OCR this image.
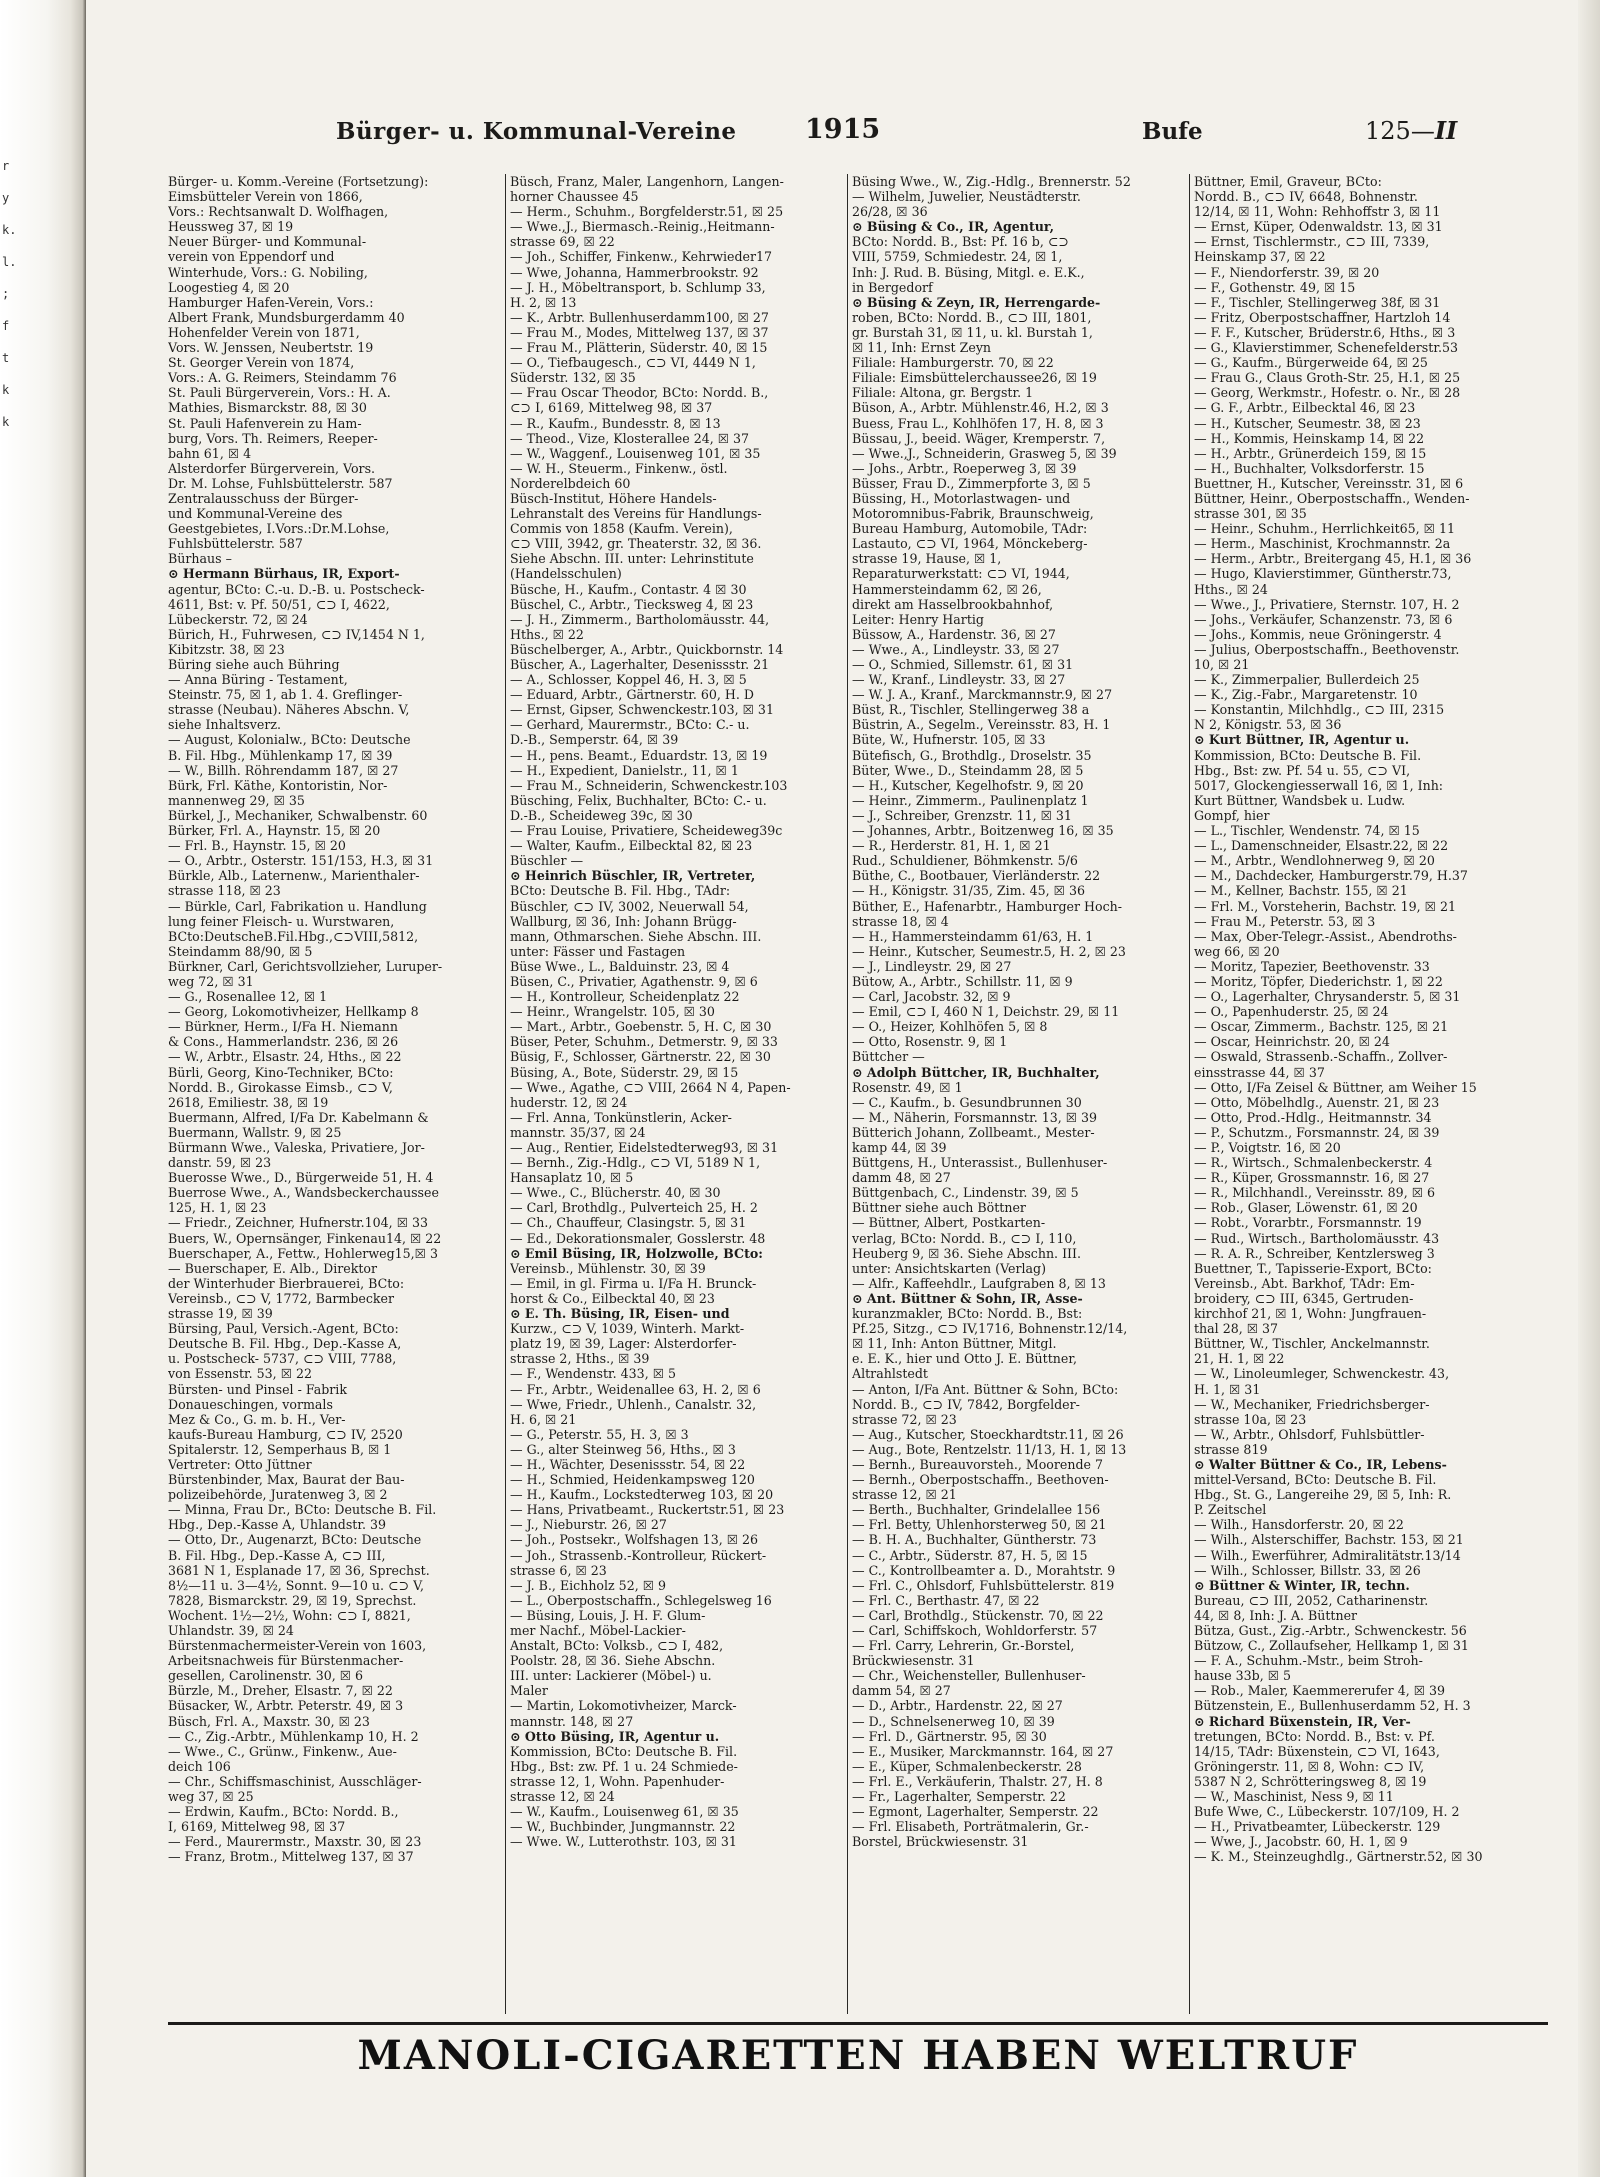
r
y
k.
l.
;
f
t
k
k
Bürger- u. Kommunal-Vereine	1915	Bufe	125—II
Bürger- u. Komm.-Vereine (Fortsetzung):
Eimsbütteler Verein von 1866,
Vors.: Rechtsanwalt D. Wolfhagen,
Heussweg 37, ☒ 19
Neuer Bürger- und Kommunal-
verein von Eppendorf und
Winterhude, Vors.: G. Nobiling,
Loogestieg 4, ☒ 20
Hamburger Hafen-Verein, Vors.:
Albert Frank, Mundsburgerdamm 40
Hohenfelder Verein von 1871,
Vors. W. Jenssen, Neubertstr. 19
St. Georger Verein von 1874,
Vors.: A. G. Reimers, Steindamm 76
St. Pauli Bürgerverein, Vors.: H. A.
Mathies, Bismarckstr. 88, ☒ 30
St. Pauli Hafenverein zu Ham-
burg, Vors. Th. Reimers, Reeper-
bahn 61, ☒ 4
Alsterdorfer Bürgerverein, Vors.
Dr. M. Lohse, Fuhlsbüttelerstr. 587
Zentralausschuss der Bürger-
und Kommunal-Vereine des
Geestgebietes, I.Vors.:Dr.M.Lohse,
Fuhlsbüttelerstr. 587
Bürhaus –
⊙ Hermann Bürhaus, IR, Export-
agentur, BCto: C.-u. D.-B. u. Postscheck-
4611, Bst: v. Pf. 50/51, ⊂⊃ I, 4622,
Lübeckerstr. 72, ☒ 24
Bürich, H., Fuhrwesen, ⊂⊃ IV,1454 N 1,
Kibitzstr. 38, ☒ 23
Büring siehe auch Bühring
— Anna Büring - Testament,
Steinstr. 75, ☒ 1, ab 1. 4. Greflinger-
strasse (Neubau). Näheres Abschn. V,
siehe Inhaltsverz.
— August, Kolonialw., BCto: Deutsche
B. Fil. Hbg., Mühlenkamp 17, ☒ 39
— W., Billh. Röhrendamm 187, ☒ 27
Bürk, Frl. Käthe, Kontoristin, Nor-
mannenweg 29, ☒ 35
Bürkel, J., Mechaniker, Schwalbenstr. 60
Bürker, Frl. A., Haynstr. 15, ☒ 20
— Frl. B., Haynstr. 15, ☒ 20
— O., Arbtr., Osterstr. 151/153, H.3, ☒ 31
Bürkle, Alb., Laternenw., Marienthaler-
strasse 118, ☒ 23
— Bürkle, Carl, Fabrikation u. Handlung
lung feiner Fleisch- u. Wurstwaren,
BCto:DeutscheB.Fil.Hbg.,⊂⊃VIII,5812,
Steindamm 88/90, ☒ 5
Bürkner, Carl, Gerichtsvollzieher, Luruper-
weg 72, ☒ 31
— G., Rosenallee 12, ☒ 1
— Georg, Lokomotivheizer, Hellkamp 8
— Bürkner, Herm., I/Fa H. Niemann
& Cons., Hammerlandstr. 236, ☒ 26
— W., Arbtr., Elsastr. 24, Hths., ☒ 22
Bürli, Georg, Kino-Techniker, BCto:
Nordd. B., Girokasse Eimsb., ⊂⊃ V,
2618, Emiliestr. 38, ☒ 19
Buermann, Alfred, I/Fa Dr. Kabelmann &
Buermann, Wallstr. 9, ☒ 25
Bürmann Wwe., Valeska, Privatiere, Jor-
danstr. 59, ☒ 23
Buerosse Wwe., D., Bürgerweide 51, H. 4
Buerrose Wwe., A., Wandsbeckerchaussee
125, H. 1, ☒ 23
— Friedr., Zeichner, Hufnerstr.104, ☒ 33
Buers, W., Opernsänger, Finkenau14, ☒ 22
Buerschaper, A., Fettw., Hohlerweg15,☒ 3
— Buerschaper, E. Alb., Direktor
der Winterhuder Bierbrauerei, BCto:
Vereinsb., ⊂⊃ V, 1772, Barmbecker
strasse 19, ☒ 39
Bürsing, Paul, Versich.-Agent, BCto:
Deutsche B. Fil. Hbg., Dep.-Kasse A,
u. Postscheck- 5737, ⊂⊃ VIII, 7788,
von Essenstr. 53, ☒ 22
Bürsten- und Pinsel - Fabrik
Donaueschingen, vormals
Mez & Co., G. m. b. H., Ver-
kaufs-Bureau Hamburg, ⊂⊃ IV, 2520
Spitalerstr. 12, Semperhaus B, ☒ 1
Vertreter: Otto Jüttner
Bürstenbinder, Max, Baurat der Bau-
polizeibehörde, Juratenweg 3, ☒ 2
— Minna, Frau Dr., BCto: Deutsche B. Fil.
Hbg., Dep.-Kasse A, Uhlandstr. 39
— Otto, Dr., Augenarzt, BCto: Deutsche
B. Fil. Hbg., Dep.-Kasse A, ⊂⊃ III,
3681 N 1, Esplanade 17, ☒ 36, Sprechst.
8½—11 u. 3—4½, Sonnt. 9—10 u. ⊂⊃ V,
7828, Bismarckstr. 29, ☒ 19, Sprechst.
Wochent. 1½—2½, Wohn: ⊂⊃ I, 8821,
Uhlandstr. 39, ☒ 24
Bürstenmachermeister-Verein von 1603,
Arbeitsnachweis für Bürstenmacher-
gesellen, Carolinenstr. 30, ☒ 6
Bürzle, M., Dreher, Elsastr. 7, ☒ 22
Büsacker, W., Arbtr. Peterstr. 49, ☒ 3
Büsch, Frl. A., Maxstr. 30, ☒ 23
— C., Zig.-Arbtr., Mühlenkamp 10, H. 2
— Wwe., C., Grünw., Finkenw., Aue-
deich 106
— Chr., Schiffsmaschinist, Ausschläger-
weg 37, ☒ 25
— Erdwin, Kaufm., BCto: Nordd. B.,
I, 6169, Mittelweg 98, ☒ 37
— Ferd., Maurermstr., Maxstr. 30, ☒ 23
— Franz, Brotm., Mittelweg 137, ☒ 37
Büsch, Franz, Maler, Langenhorn, Langen-
horner Chaussee 45
— Herm., Schuhm., Borgfelderstr.51, ☒ 25
— Wwe.,J., Biermasch.-Reinig.,Heitmann-
strasse 69, ☒ 22
— Joh., Schiffer, Finkenw., Kehrwieder17
— Wwe, Johanna, Hammerbrookstr. 92
— J. H., Möbeltransport, b. Schlump 33,
H. 2, ☒ 13
— K., Arbtr. Bullenhuserdamm100, ☒ 27
— Frau M., Modes, Mittelweg 137, ☒ 37
— Frau M., Plätterin, Süderstr. 40, ☒ 15
— O., Tiefbaugesch., ⊂⊃ VI, 4449 N 1,
Süderstr. 132, ☒ 35
— Frau Oscar Theodor, BCto: Nordd. B.,
⊂⊃ I, 6169, Mittelweg 98, ☒ 37
— R., Kaufm., Bundesstr. 8, ☒ 13
— Theod., Vize, Klosterallee 24, ☒ 37
— W., Waggenf., Louisenweg 101, ☒ 35
— W. H., Steuerm., Finkenw., östl.
Norderelbdeich 60
Büsch-Institut, Höhere Handels-
Lehranstalt des Vereins für Handlungs-
Commis von 1858 (Kaufm. Verein),
⊂⊃ VIII, 3942, gr. Theaterstr. 32, ☒ 36.
Siehe Abschn. III. unter: Lehrinstitute
(Handelsschulen)
Büsche, H., Kaufm., Contastr. 4 ☒ 30
Büschel, C., Arbtr., Tiecksweg 4, ☒ 23
— J. H., Zimmerm., Bartholomäusstr. 44,
Hths., ☒ 22
Büschelberger, A., Arbtr., Quickbornstr. 14
Büscher, A., Lagerhalter, Desenissstr. 21
— A., Schlosser, Koppel 46, H. 3, ☒ 5
— Eduard, Arbtr., Gärtnerstr. 60, H. D
— Ernst, Gipser, Schwenckestr.103, ☒ 31
— Gerhard, Maurermstr., BCto: C.- u.
D.-B., Semperstr. 64, ☒ 39
— H., pens. Beamt., Eduardstr. 13, ☒ 19
— H., Expedient, Danielstr., 11, ☒ 1
— Frau M., Schneiderin, Schwenckestr.103
Büsching, Felix, Buchhalter, BCto: C.- u.
D.-B., Scheideweg 39c, ☒ 30
— Frau Louise, Privatiere, Scheideweg39c
— Walter, Kaufm., Eilbecktal 82, ☒ 23
Büschler —
⊙ Heinrich Büschler, IR, Vertreter,
BCto: Deutsche B. Fil. Hbg., TAdr:
Büschler, ⊂⊃ IV, 3002, Neuerwall 54,
Wallburg, ☒ 36, Inh: Johann Brügg-
mann, Othmarschen. Siehe Abschn. III.
unter: Fässer und Fastagen
Büse Wwe., L., Balduinstr. 23, ☒ 4
Büsen, C., Privatier, Agathenstr. 9, ☒ 6
— H., Kontrolleur, Scheidenplatz 22
— Heinr., Wrangelstr. 105, ☒ 30
— Mart., Arbtr., Goebenstr. 5, H. C, ☒ 30
Büser, Peter, Schuhm., Detmerstr. 9, ☒ 33
Büsig, F., Schlosser, Gärtnerstr. 22, ☒ 30
Büsing, A., Bote, Süderstr. 29, ☒ 15
— Wwe., Agathe, ⊂⊃ VIII, 2664 N 4, Papen-
huderstr. 12, ☒ 24
— Frl. Anna, Tonkünstlerin, Acker-
mannstr. 35/37, ☒ 24
— Aug., Rentier, Eidelstedterweg93, ☒ 31
— Bernh., Zig.-Hdlg., ⊂⊃ VI, 5189 N 1,
Hansaplatz 10, ☒ 5
— Wwe., C., Blücherstr. 40, ☒ 30
— Carl, Brothdlg., Pulverteich 25, H. 2
— Ch., Chauffeur, Clasingstr. 5, ☒ 31
— Ed., Dekorationsmaler, Gosslerstr. 48
⊙ Emil Büsing, IR, Holzwolle, BCto:
Vereinsb., Mühlenstr. 30, ☒ 39
— Emil, in gl. Firma u. I/Fa H. Brunck-
horst & Co., Eilbecktal 40, ☒ 23
⊙ E. Th. Büsing, IR, Eisen- und
Kurzw., ⊂⊃ V, 1039, Winterh. Markt-
platz 19, ☒ 39, Lager: Alsterdorfer-
strasse 2, Hths., ☒ 39
— F., Wendenstr. 433, ☒ 5
— Fr., Arbtr., Weidenallee 63, H. 2, ☒ 6
— Wwe, Friedr., Uhlenh., Canalstr. 32,
H. 6, ☒ 21
— G., Peterstr. 55, H. 3, ☒ 3
— G., alter Steinweg 56, Hths., ☒ 3
— H., Wächter, Desenissstr. 54, ☒ 22
— H., Schmied, Heidenkampsweg 120
— H., Kaufm., Lockstedterweg 103, ☒ 20
— Hans, Privatbeamt., Ruckertstr.51, ☒ 23
— J., Nieburstr. 26, ☒ 27
— Joh., Postsekr., Wolfshagen 13, ☒ 26
— Joh., Strassenb.-Kontrolleur, Rückert-
strasse 6, ☒ 23
— J. B., Eichholz 52, ☒ 9
— L., Oberpostschaffn., Schlegelsweg 16
— Büsing, Louis, J. H. F. Glum-
mer Nachf., Möbel-Lackier-
Anstalt, BCto: Volksb., ⊂⊃ I, 482,
Poolstr. 28, ☒ 36. Siehe Abschn.
III. unter: Lackierer (Möbel-) u.
Maler
— Martin, Lokomotivheizer, Marck-
mannstr. 148, ☒ 27
⊙ Otto Büsing, IR, Agentur u.
Kommission, BCto: Deutsche B. Fil.
Hbg., Bst: zw. Pf. 1 u. 24 Schmiede-
strasse 12, 1, Wohn. Papenhuder-
strasse 12, ☒ 24
— W., Kaufm., Louisenweg 61, ☒ 35
— W., Buchbinder, Jungmannstr. 22
— Wwe. W., Lutterothstr. 103, ☒ 31
Büsing Wwe., W., Zig.-Hdlg., Brennerstr. 52
— Wilhelm, Juwelier, Neustädterstr.
26/28, ☒ 36
⊙ Büsing & Co., IR, Agentur,
BCto: Nordd. B., Bst: Pf. 16 b, ⊂⊃
VIII, 5759, Schmiedestr. 24, ☒ 1,
Inh: J. Rud. B. Büsing, Mitgl. e. E.K.,
in Bergedorf
⊙ Büsing & Zeyn, IR, Herrengarde-
roben, BCto: Nordd. B., ⊂⊃ III, 1801,
gr. Burstah 31, ☒ 11, u. kl. Burstah 1,
☒ 11, Inh: Ernst Zeyn
Filiale: Hamburgerstr. 70, ☒ 22
Filiale: Eimsbüttelerchaussee26, ☒ 19
Filiale: Altona, gr. Bergstr. 1
Büson, A., Arbtr. Mühlenstr.46, H.2, ☒ 3
Buess, Frau L., Kohlhöfen 17, H. 8, ☒ 3
Büssau, J., beeid. Wäger, Kremperstr. 7,
— Wwe.,J., Schneiderin, Grasweg 5, ☒ 39
— Johs., Arbtr., Roeperweg 3, ☒ 39
Büsser, Frau D., Zimmerpforte 3, ☒ 5
Büssing, H., Motorlastwagen- und
Motoromnibus-Fabrik, Braunschweig,
Bureau Hamburg, Automobile, TAdr:
Lastauto, ⊂⊃ VI, 1964, Mönckeberg-
strasse 19, Hause, ☒ 1,
Reparaturwerkstatt: ⊂⊃ VI, 1944,
Hammersteindamm 62, ☒ 26,
direkt am Hasselbrookbahnhof,
Leiter: Henry Hartig
Büssow, A., Hardenstr. 36, ☒ 27
— Wwe., A., Lindleystr. 33, ☒ 27
— O., Schmied, Sillemstr. 61, ☒ 31
— W., Kranf., Lindleystr. 33, ☒ 27
— W. J. A., Kranf., Marckmannstr.9, ☒ 27
Büst, R., Tischler, Stellingerweg 38 a
Büstrin, A., Segelm., Vereinsstr. 83, H. 1
Büte, W., Hufnerstr. 105, ☒ 33
Bütefisch, G., Brothdlg., Droselstr. 35
Büter, Wwe., D., Steindamm 28, ☒ 5
— H., Kutscher, Kegelhofstr. 9, ☒ 20
— Heinr., Zimmerm., Paulinenplatz 1
— J., Schreiber, Grenzstr. 11, ☒ 31
— Johannes, Arbtr., Boitzenweg 16, ☒ 35
— R., Herderstr. 81, H. 1, ☒ 21
Rud., Schuldiener, Böhmkenstr. 5/6
Büthe, C., Bootbauer, Vierländerstr. 22
— H., Königstr. 31/35, Zim. 45, ☒ 36
Büther, E., Hafenarbtr., Hamburger Hoch-
strasse 18, ☒ 4
— H., Hammersteindamm 61/63, H. 1
— Heinr., Kutscher, Seumestr.5, H. 2, ☒ 23
— J., Lindleystr. 29, ☒ 27
Bütow, A., Arbtr., Schillstr. 11, ☒ 9
— Carl, Jacobstr. 32, ☒ 9
— Emil, ⊂⊃ I, 460 N 1, Deichstr. 29, ☒ 11
— O., Heizer, Kohlhöfen 5, ☒ 8
— Otto, Rosenstr. 9, ☒ 1
Büttcher —
⊙ Adolph Büttcher, IR, Buchhalter,
Rosenstr. 49, ☒ 1
— C., Kaufm., b. Gesundbrunnen 30
— M., Näherin, Forsmannstr. 13, ☒ 39
Bütterich Johann, Zollbeamt., Mester-
kamp 44, ☒ 39
Büttgens, H., Unterassist., Bullenhuser-
damm 48, ☒ 27
Büttgenbach, C., Lindenstr. 39, ☒ 5
Büttner siehe auch Böttner
— Büttner, Albert, Postkarten-
verlag, BCto: Nordd. B., ⊂⊃ I, 110,
Heuberg 9, ☒ 36. Siehe Abschn. III.
unter: Ansichtskarten (Verlag)
— Alfr., Kaffeehdlr., Laufgraben 8, ☒ 13
⊙ Ant. Büttner & Sohn, IR, Asse-
kuranzmakler, BCto: Nordd. B., Bst:
Pf.25, Sitzg., ⊂⊃ IV,1716, Bohnenstr.12/14,
☒ 11, Inh: Anton Büttner, Mitgl.
e. E. K., hier und Otto J. E. Büttner,
Altrahlstedt
— Anton, I/Fa Ant. Büttner & Sohn, BCto:
Nordd. B., ⊂⊃ IV, 7842, Borgfelder-
strasse 72, ☒ 23
— Aug., Kutscher, Stoeckhardtstr.11, ☒ 26
— Aug., Bote, Rentzelstr. 11/13, H. 1, ☒ 13
— Bernh., Bureauvorsteh., Moorende 7
— Bernh., Oberpostschaffn., Beethoven-
strasse 12, ☒ 21
— Berth., Buchhalter, Grindelallee 156
— Frl. Betty, Uhlenhorsterweg 50, ☒ 21
— B. H. A., Buchhalter, Güntherstr. 73
— C., Arbtr., Süderstr. 87, H. 5, ☒ 15
— C., Kontrollbeamter a. D., Morahtstr. 9
— Frl. C., Ohlsdorf, Fuhlsbüttelerstr. 819
— Frl. C., Berthastr. 47, ☒ 22
— Carl, Brothdlg., Stückenstr. 70, ☒ 22
— Carl, Schiffskoch, Wohldorferstr. 57
— Frl. Carry, Lehrerin, Gr.-Borstel,
Brückwiesenstr. 31
— Chr., Weichensteller, Bullenhuser-
damm 54, ☒ 27
— D., Arbtr., Hardenstr. 22, ☒ 27
— D., Schnelsenerweg 10, ☒ 39
— Frl. D., Gärtnerstr. 95, ☒ 30
— E., Musiker, Marckmannstr. 164, ☒ 27
— E., Küper, Schmalenbeckerstr. 28
— Frl. E., Verkäuferin, Thalstr. 27, H. 8
— Fr., Lagerhalter, Semperstr. 22
— Egmont, Lagerhalter, Semperstr. 22
— Frl. Elisabeth, Porträtmalerin, Gr.-
Borstel, Brückwiesenstr. 31
Büttner, Emil, Graveur, BCto:
Nordd. B., ⊂⊃ IV, 6648, Bohnenstr.
12/14, ☒ 11, Wohn: Rehhoffstr 3, ☒ 11
— Ernst, Küper, Odenwaldstr. 13, ☒ 31
— Ernst, Tischlermstr., ⊂⊃ III, 7339,
Heinskamp 37, ☒ 22
— F., Niendorferstr. 39, ☒ 20
— F., Gothenstr. 49, ☒ 15
— F., Tischler, Stellingerweg 38f, ☒ 31
— Fritz, Oberpostschaffner, Hartzloh 14
— F. F., Kutscher, Brüderstr.6, Hths., ☒ 3
— G., Klavierstimmer, Schenefelderstr.53
— G., Kaufm., Bürgerweide 64, ☒ 25
— Frau G., Claus Groth-Str. 25, H.1, ☒ 25
— Georg, Werkmstr., Hofestr. o. Nr., ☒ 28
— G. F., Arbtr., Eilbecktal 46, ☒ 23
— H., Kutscher, Seumestr. 38, ☒ 23
— H., Kommis, Heinskamp 14, ☒ 22
— H., Arbtr., Grünerdeich 159, ☒ 15
— H., Buchhalter, Volksdorferstr. 15
Buettner, H., Kutscher, Vereinsstr. 31, ☒ 6
Büttner, Heinr., Oberpostschaffn., Wenden-
strasse 301, ☒ 35
— Heinr., Schuhm., Herrlichkeit65, ☒ 11
— Herm., Maschinist, Krochmannstr. 2a
— Herm., Arbtr., Breitergang 45, H.1, ☒ 36
— Hugo, Klavierstimmer, Güntherstr.73,
Hths., ☒ 24
— Wwe., J., Privatiere, Sternstr. 107, H. 2
— Johs., Verkäufer, Schanzenstr. 73, ☒ 6
— Johs., Kommis, neue Gröningerstr. 4
— Julius, Oberpostschaffn., Beethovenstr.
10, ☒ 21
— K., Zimmerpalier, Bullerdeich 25
— K., Zig.-Fabr., Margaretenstr. 10
— Konstantin, Milchhdlg., ⊂⊃ III, 2315
N 2, Königstr. 53, ☒ 36
⊙ Kurt Büttner, IR, Agentur u.
Kommission, BCto: Deutsche B. Fil.
Hbg., Bst: zw. Pf. 54 u. 55, ⊂⊃ VI,
5017, Glockengiesserwall 16, ☒ 1, Inh:
Kurt Büttner, Wandsbek u. Ludw.
Gompf, hier
— L., Tischler, Wendenstr. 74, ☒ 15
— L., Damenschneider, Elsastr.22, ☒ 22
— M., Arbtr., Wendlohnerweg 9, ☒ 20
— M., Dachdecker, Hamburgerstr.79, H.37
— M., Kellner, Bachstr. 155, ☒ 21
— Frl. M., Vorsteherin, Bachstr. 19, ☒ 21
— Frau M., Peterstr. 53, ☒ 3
— Max, Ober-Telegr.-Assist., Abendroths-
weg 66, ☒ 20
— Moritz, Tapezier, Beethovenstr. 33
— Moritz, Töpfer, Diederichstr. 1, ☒ 22
— O., Lagerhalter, Chrysanderstr. 5, ☒ 31
— O., Papenhuderstr. 25, ☒ 24
— Oscar, Zimmerm., Bachstr. 125, ☒ 21
— Oscar, Heinrichstr. 20, ☒ 24
— Oswald, Strassenb.-Schaffn., Zollver-
einsstrasse 44, ☒ 37
— Otto, I/Fa Zeisel & Büttner, am Weiher 15
— Otto, Möbelhdlg., Auenstr. 21, ☒ 23
— Otto, Prod.-Hdlg., Heitmannstr. 34
— P., Schutzm., Forsmannstr. 24, ☒ 39
— P., Voigtstr. 16, ☒ 20
— R., Wirtsch., Schmalenbeckerstr. 4
— R., Küper, Grossmannstr. 16, ☒ 27
— R., Milchhandl., Vereinsstr. 89, ☒ 6
— Rob., Glaser, Löwenstr. 61, ☒ 20
— Robt., Vorarbtr., Forsmannstr. 19
— Rud., Wirtsch., Bartholomäusstr. 43
— R. A. R., Schreiber, Kentzlersweg 3
Buettner, T., Tapisserie-Export, BCto:
Vereinsb., Abt. Barkhof, TAdr: Em-
broidery, ⊂⊃ III, 6345, Gertruden-
kirchhof 21, ☒ 1, Wohn: Jungfrauen-
thal 28, ☒ 37
Büttner, W., Tischler, Anckelmannstr.
21, H. 1, ☒ 22
— W., Linoleumleger, Schwenckestr. 43,
H. 1, ☒ 31
— W., Mechaniker, Friedrichsberger-
strasse 10a, ☒ 23
— W., Arbtr., Ohlsdorf, Fuhlsbüttler-
strasse 819
⊙ Walter Büttner & Co., IR, Lebens-
mittel-Versand, BCto: Deutsche B. Fil.
Hbg., St. G., Langereihe 29, ☒ 5, Inh: R.
P. Zeitschel
— Wilh., Hansdorferstr. 20, ☒ 22
— Wilh., Alsterschiffer, Bachstr. 153, ☒ 21
— Wilh., Ewerführer, Admiralitätstr.13/14
— Wilh., Schlosser, Billstr. 33, ☒ 26
⊙ Büttner & Winter, IR, techn.
Bureau, ⊂⊃ III, 2052, Catharinenstr.
44, ☒ 8, Inh: J. A. Büttner
Bütza, Gust., Zig.-Arbtr., Schwenckestr. 56
Bützow, C., Zollaufseher, Hellkamp 1, ☒ 31
— F. A., Schuhm.-Mstr., beim Stroh-
hause 33b, ☒ 5
— Rob., Maler, Kaemmererufer 4, ☒ 39
Bützenstein, E., Bullenhuserdamm 52, H. 3
⊙ Richard Büxenstein, IR, Ver-
tretungen, BCto: Nordd. B., Bst: v. Pf.
14/15, TAdr: Büxenstein, ⊂⊃ VI, 1643,
Gröningerstr. 11, ☒ 8, Wohn: ⊂⊃ IV,
5387 N 2, Schrötteringsweg 8, ☒ 19
— W., Maschinist, Ness 9, ☒ 11
Bufe Wwe, C., Lübeckerstr. 107/109, H. 2
— H., Privatbeamter, Lübeckerstr. 129
— Wwe, J., Jacobstr. 60, H. 1, ☒ 9
— K. M., Steinzeughdlg., Gärtnerstr.52, ☒ 30
MANOLI-CIGARETTEN HABEN WELTRUF
